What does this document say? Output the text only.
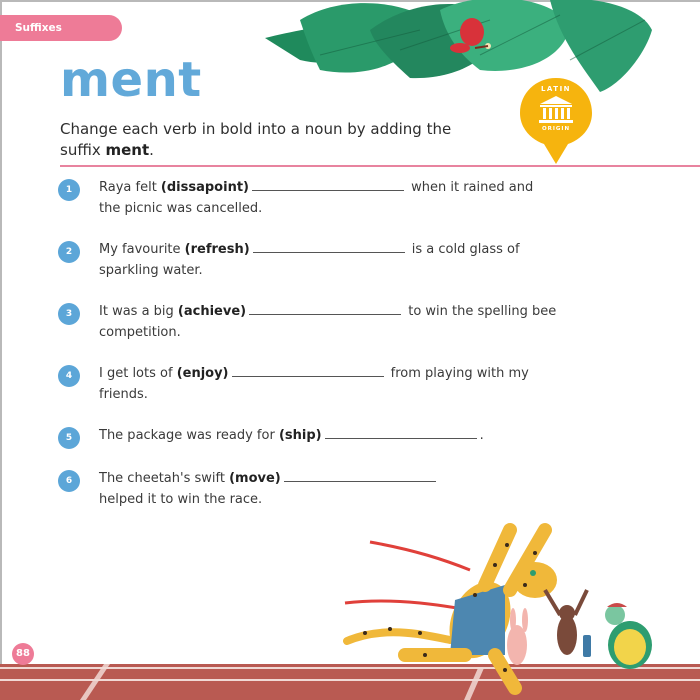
Suffixes
ment

Change each verb in bold into a noun by adding the suffix ment.

LATIN
ORIGIN
1	Raya felt (dissapoint)	when it rained and the picnic was cancelled.
2	My favourite (refresh)	is a cold glass of sparkling water.
3	It was a big (achieve)	to win the spelling bee competition.
4	I get lots of (enjoy)	from playing with my friends.
5	The package was ready for (ship)	.
6	The cheetah's swift (move) helped it to win the race.
88
